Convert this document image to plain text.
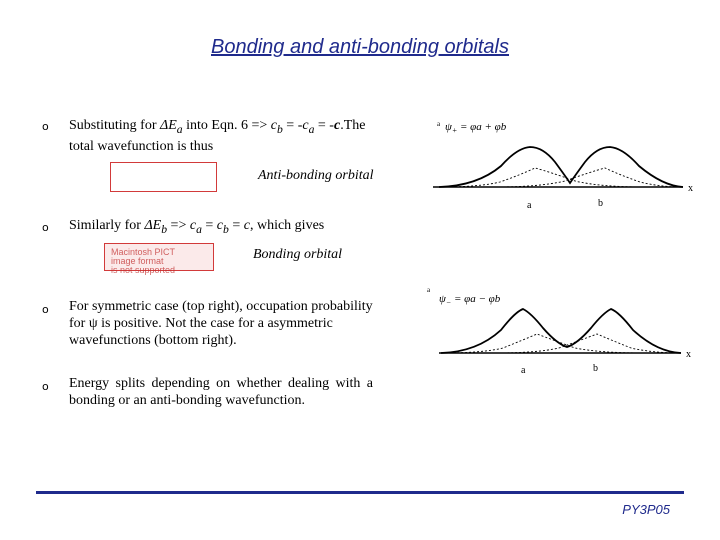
Bonding and anti-bonding orbitals
o Substituting for $\Delta E_a$ into Eqn. $6 => c_b = -c_a = -c.The$ total wavefunction is thus
Anti-bonding orbital
o Similarly for $\Delta E_b => c_a = c_b = c$, which gives
Macintosh PICT
image format
is not supported
Bonding orbital
o For symmetric case (top right), occupation probability for ψ is positive. Not the case for a asymmetric wavefunctions (bottom right).
o Energy splits depending on whether dealing with a bonding or an anti-bonding wavefunction.
a $\psi_+ = \varphi a + \varphi b$
x
a	b
a
$\psi_- = \varphi a - \varphi b$
x
a	b
PY3P05
